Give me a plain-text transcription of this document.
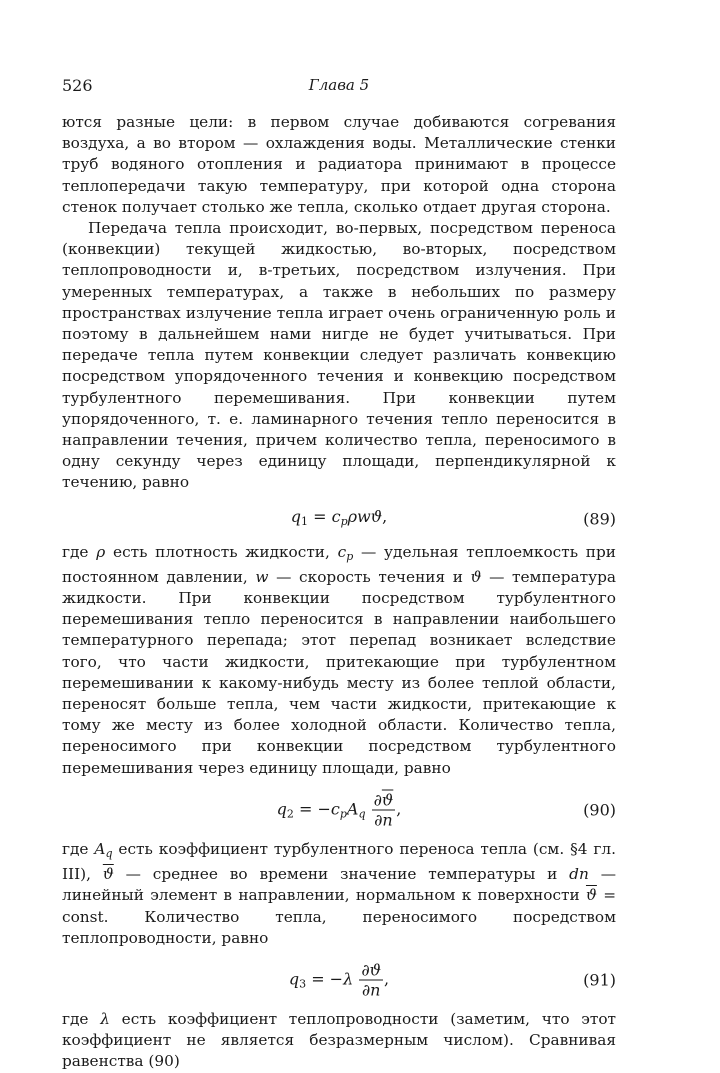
526	Глава 5

ются разные цели: в первом случае добиваются согревания воздуха, а во втором — охлаждения воды. Металлические стенки труб водяного отопления и радиатора принимают в процессе теплопередачи такую температуру, при которой одна сторона стенок получает столько же тепла, сколько отдает другая сторона.

Передача тепла происходит, во-первых, посредством переноса (конвекции) текущей жидкостью, во-вторых, посредством теплопроводности и, в-третьих, посредством излучения. При умеренных температурах, а также в небольших по размеру пространствах излучение тепла играет очень ограниченную роль и поэтому в дальнейшем нами нигде не будет учитываться. При передаче тепла путем конвекции следует различать конвекцию посредством упорядоченного течения и конвекцию посредством турбулентного перемешивания. При конвекции путем упорядоченного, т. е. ламинарного течения тепло переносится в направлении течения, причем количество тепла, переносимого в одну секунду через единицу площади, перпендикулярной к течению, равно

$q_1 = c_p\rho wϑ$,	(89)

где ρ есть плотность жидкости, $c_p$ — удельная теплоемкость при постоянном давлении, w — скорость течения и ϑ — температура жидкости. При конвекции посредством турбулентного перемешивания тепло переносится в направлении наибольшего температурного перепада; этот перепад возникает вследствие того, что части жидкости, притекающие при турбулентном перемешивании к какому-нибудь месту из более теплой области, переносят больше тепла, чем части жидкости, притекающие к тому же месту из более холодной области. Количество тепла, переносимого при конвекции посредством турбулентного перемешивания через единицу площади, равно

$q_2 = -c_pA_q \frac{\partial\overline{ϑ}}{\partial n}$ ,	(90)

где $A_q$ есть коэффициент турбулентного переноса тепла (см. §4 гл. III), $\overline{ϑ}$ — среднее во времени значение температуры и dn — линейный элемент в направлении, нормальном к поверхности $\overline{ϑ}$ = const. Количество тепла, переносимого посредством теплопроводности, равно

$q_3 = -\lambda \frac{\partial ϑ}{\partial n}$ ,	(91)

где λ есть коэффициент теплопроводности (заметим, что этот коэффициент не является безразмерным числом). Сравнивая равенства (90)
